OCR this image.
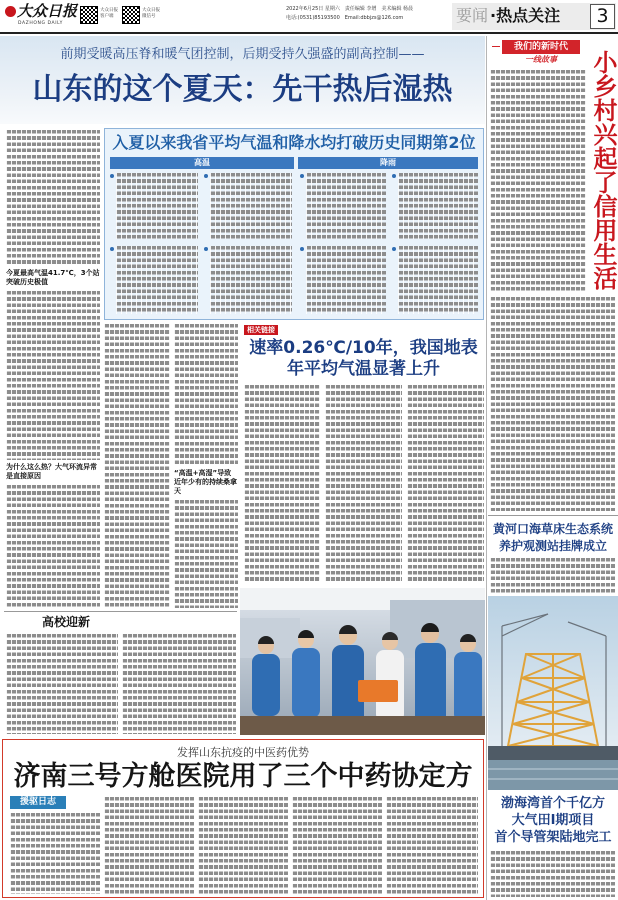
大众日报
DAZHONG DAILY
大众日报客户端
大众日报微信号
2022年6月25日 星期六　责任编辑 李增　美术编辑 杨晨
电话:(0531)85193500　Email:dbbjzs@126.com	要闻 ·热点关注	3
前期受暖高压脊和暖气团控制，后期受持久强盛的副高控制——
山东的这个夏天：先干热后湿热
今夏最高气温41.7℃，3个站突破历史极值
为什么这么热？大气环流异常是直接原因
入夏以来我省平均气温和降水均打破历史同期第2位
高温	降雨
“高温+高湿”导致近年少有的持续桑拿天
相关链接
速率0.26℃/10年，我国地表
年平均气温显著上升
高校迎新
发挥山东抗疫的中医药优势
济南三号方舱医院用了三个中药协定方
援驱日志
我们的新时代
一线故事	小乡村兴起了信用生活
黄河口海草床生态系统
养护观测站挂牌成立
渤海湾首个千亿方
大气田Ⅰ期项目
首个导管架陆地完工
